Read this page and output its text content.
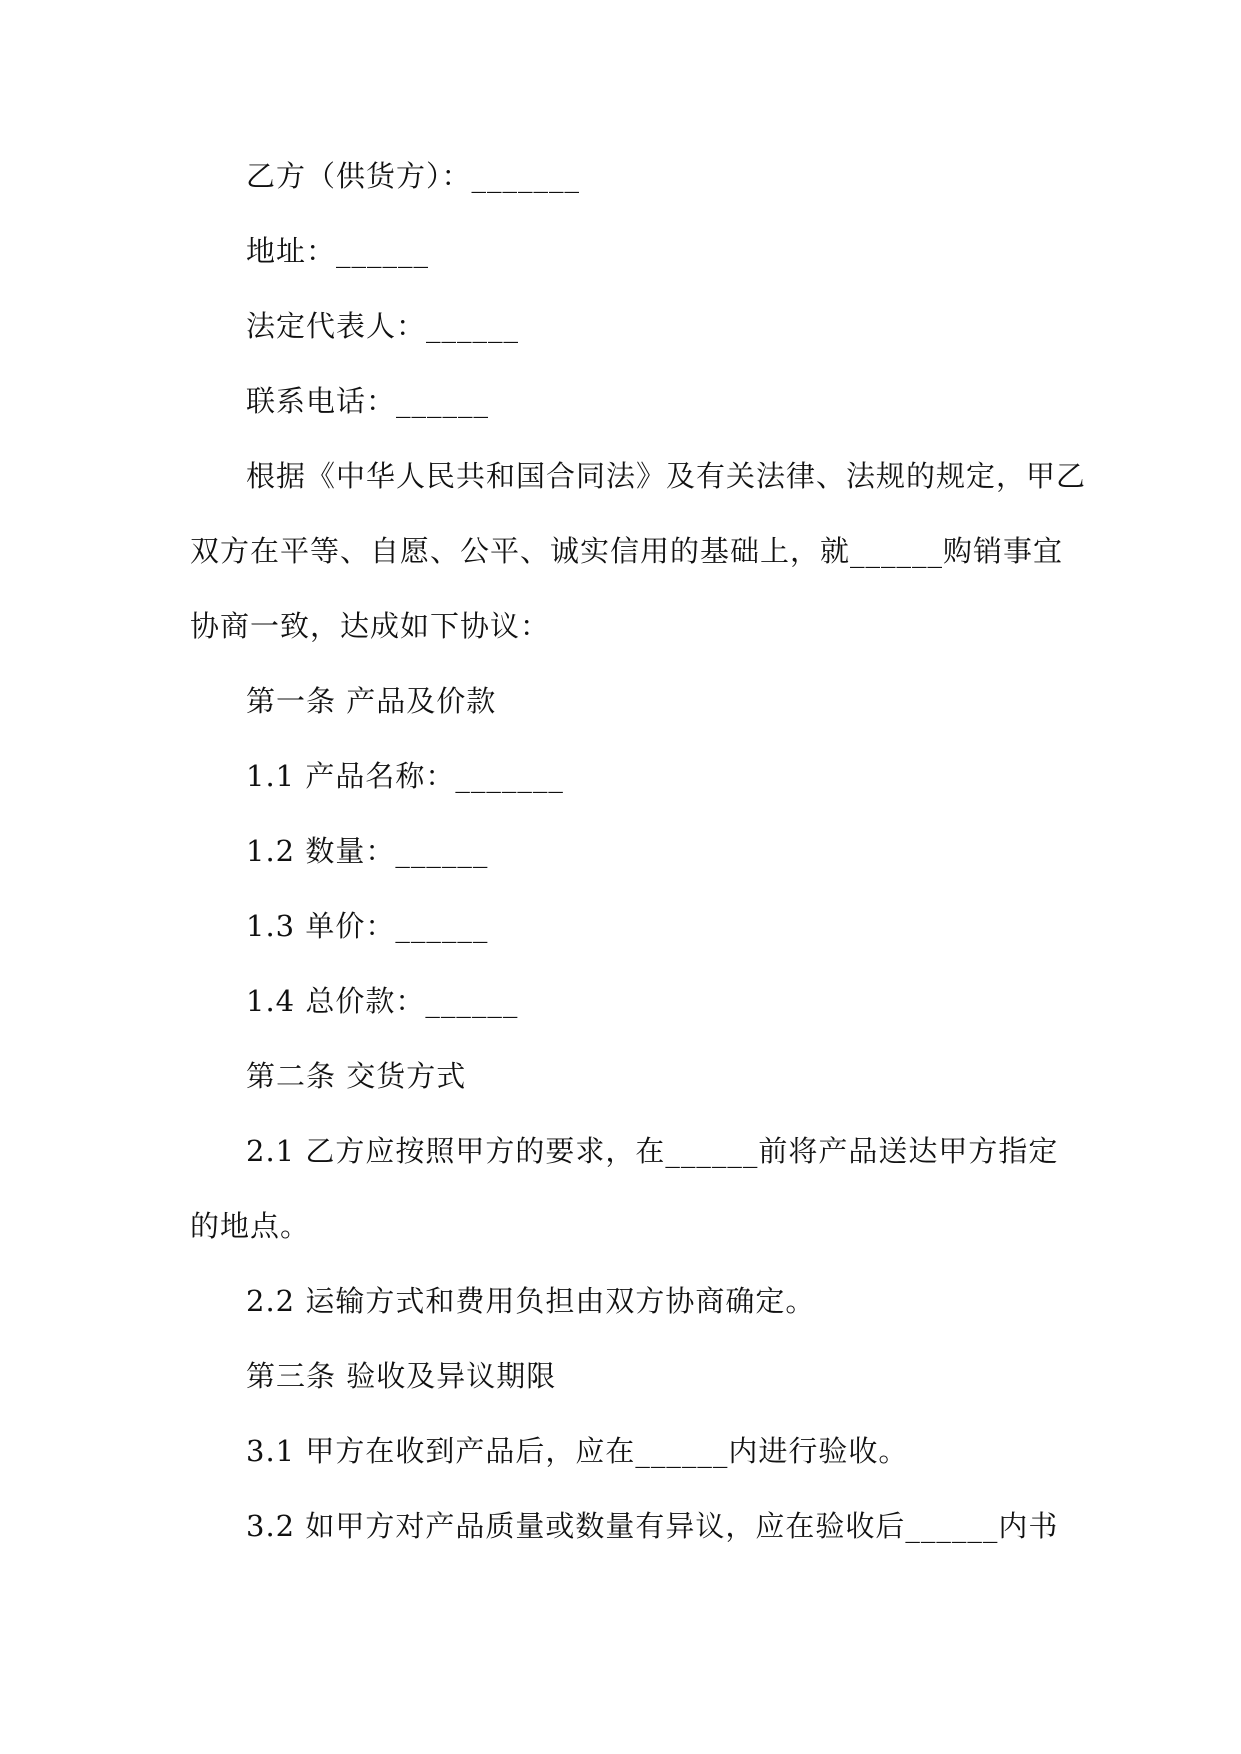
乙方（供货方）：_______
地址：______
法定代表人：______
联系电话：______
根据《中华人民共和国合同法》及有关法律、法规的规定，甲乙
双方在平等、自愿、公平、诚实信用的基础上，就______购销事宜
协商一致，达成如下协议：
第一条 产品及价款
1.1 产品名称：_______
1.2 数量：______
1.3 单价：______
1.4 总价款：______
第二条 交货方式
2.1 乙方应按照甲方的要求，在______前将产品送达甲方指定
的地点。
2.2 运输方式和费用负担由双方协商确定。
第三条 验收及异议期限
3.1 甲方在收到产品后，应在______内进行验收。
3.2 如甲方对产品质量或数量有异议，应在验收后______内书
